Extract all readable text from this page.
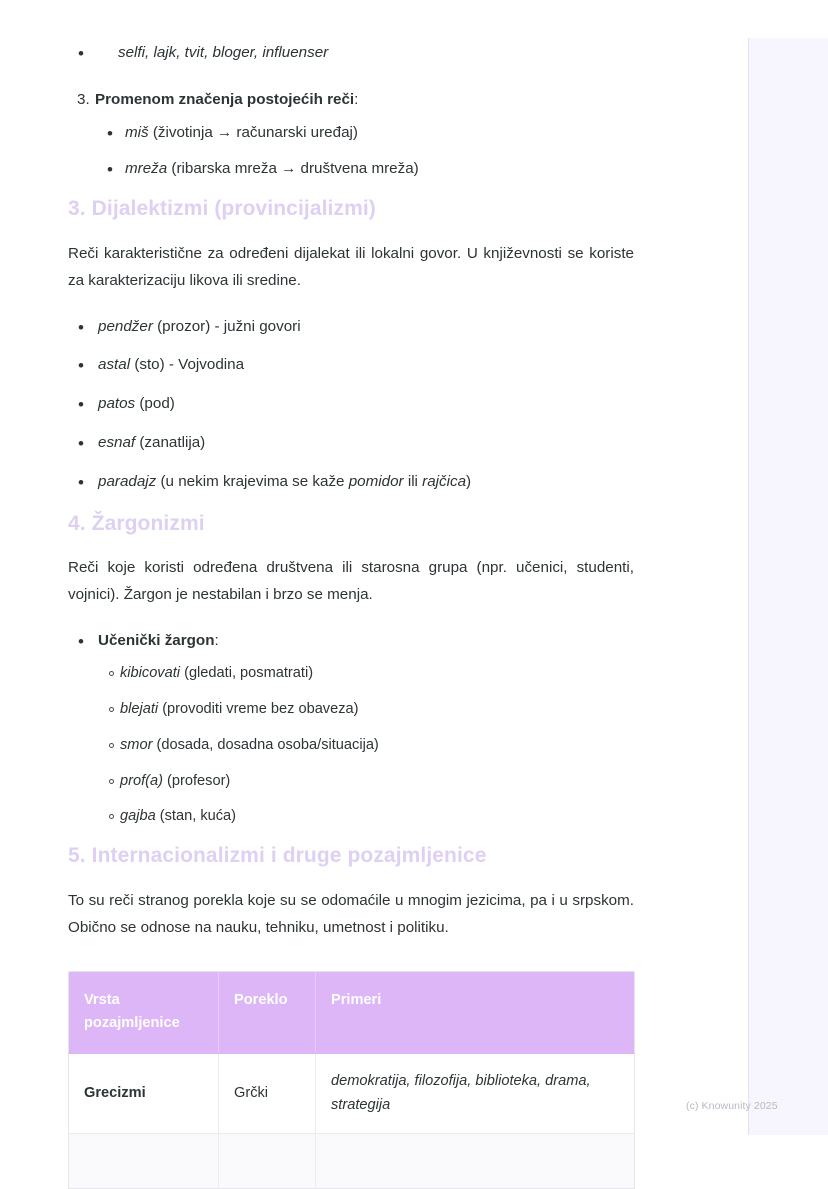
• selfi, lajk, tvit, bloger, influenser
3. Promenom značenja postojećih reči:
• miš (životinja → računarski uređaj)
• mreža (ribarska mreža → društvena mreža)
3. Dijalektizmi (provincijalizmi)

Reči karakteristične za određeni dijalekat ili lokalni govor. U književnosti se koriste za karakterizaciju likova ili sredine.

• pendžer (prozor) - južni govori
• astal (sto) - Vojvodina
• patos (pod)
• esnaf (zanatlija)
• paradajz (u nekim krajevima se kaže pomidor ili rajčica)
4. Žargonizmi

Reči koje koristi određena društvena ili starosna grupa (npr. učenici, studenti, vojnici). Žargon je nestabilan i brzo se menja.

• Učenički žargon:
kibicovati (gledati, posmatrati)
blejati (provoditi vreme bez obaveza)
smor (dosada, dosadna osoba/situacija)
prof(a) (profesor)
gajba (stan, kuća)
5. Internacionalizmi i druge pozajmljenice

To su reči stranog porekla koje su se odomaćile u mnogim jezicima, pa i u srpskom. Obično se odnose na nauku, tehniku, umetnost i politiku.

Vrsta pozajmljenice	Poreklo	Primeri
Grecizmi	Grčki	demokratija, filozofija, biblioteka, drama, strategija
			(c) Knowunity 2025
